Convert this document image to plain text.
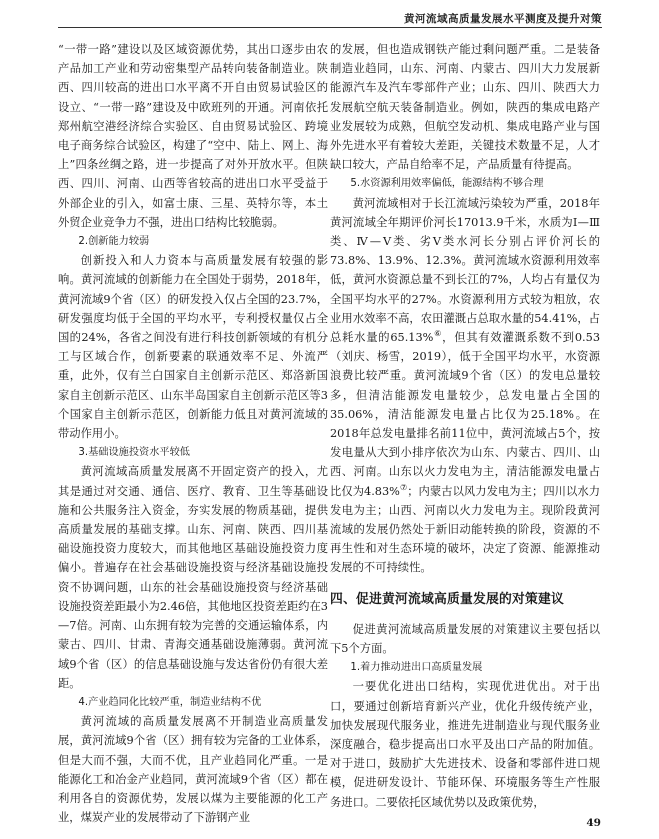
黄河流域高质量发展水平测度及提升对策

“一带一路”建设以及区域资源优势，其出口逐步由农产品加工产业和劳动密集型产品转向装备制造业。陕西、四川较高的进出口水平离不开自由贸易试验区的设立、“一带一路”建设及中欧班列的开通。河南依托郑州航空港经济综合实验区、自由贸易试验区、跨境电子商务综合试验区，构建了“空中、陆上、网上、海上”四条丝绸之路，进一步提高了对外开放水平。但陕西、四川、河南、山西等省较高的进出口水平受益于外部企业的引入，如富士康、三星、英特尔等，本土外贸企业竞争力不强，进出口结构比较脆弱。

2.创新能力较弱

创新投入和人力资本与高质量发展有较强的影响。黄河流域的创新能力在全国处于弱势，2018年，黄河流域9个省（区）的研发投入仅占全国的23.7%，研发强度均低于全国的平均水平，专利授权量仅占全国的24%，各省之间没有进行科技创新领域的有机分工与区域合作，创新要素的联通效率不足、外流严重，此外，仅有兰白国家自主创新示范区、郑洛新国家自主创新示范区、山东半岛国家自主创新示范区等3个国家自主创新示范区，创新能力低且对黄河流域的带动作用小。

3.基础设施投资水平较低

黄河流域高质量发展离不开固定资产的投入，尤其是通过对交通、通信、医疗、教育、卫生等基础设施和公共服务注入资金，夯实发展的物质基础，提供高质量发展的基础支撑。山东、河南、陕西、四川基础设施投资力度较大，而其他地区基础设施投资力度偏小。普遍存在社会基础设施投资与经济基础设施投资不协调问题，山东的社会基础设施投资与经济基础设施投资差距最小为2.46倍，其他地区投资差距约在3—7倍。河南、山东拥有较为完善的交通运输体系，内蒙古、四川、甘肃、青海交通基础设施薄弱。黄河流域9个省（区）的信息基础设施与发达省份仍有很大差距。

4.产业趋同化比较严重，制造业结构不优

黄河流域的高质量发展离不开制造业高质量发展，黄河流域9个省（区）拥有较为完备的工业体系，但是大而不强，大而不优，且产业趋同化严重。一是能源化工和冶金产业趋同，黄河流域9个省（区）都在利用各自的资源优势，发展以煤为主要能源的化工产业，煤炭产业的发展带动了下游钢产业

的发展，但也造成钢铁产能过剩问题严重。二是装备制造业趋同，山东、河南、内蒙古、四川大力发展新能源汽车及汽车零部件产业；山东、四川、陕西大力发展航空航天装备制造业。例如，陕西的集成电路产业发展较为成熟，但航空发动机、集成电路产业与国外先进水平有着较大差距，关键技术数量不足，人才缺口较大，产品自给率不足，产品质量有待提高。

5.水资源利用效率偏低，能源结构不够合理

黄河流域相对于长江流域污染较为严重，2018年黄河流域全年期评价河长17013.9千米，水质为Ⅰ—Ⅲ类、Ⅳ—Ⅴ类、劣Ⅴ类水河长分别占评价河长的73.8%、13.9%、12.3%。黄河流域水资源利用效率低，黄河水资源总量不到长江的7%，人均占有量仅为全国平均水平的27%。水资源利用方式较为粗放，农业用水效率不高，农田灌溉占总取水量的54.41%，占总耗水量的65.13%⑥，但其有效灌溉系数不到0.53（刘庆、杨雪，2019），低于全国平均水平，水资源浪费比较严重。黄河流域9个省（区）的发电总量较多，但清洁能源发电量较少，总发电量占全国的35.06%，清洁能源发电量占比仅为25.18%。在2018年总发电量排名前11位中，黄河流域占5个，按发电量从大到小排序依次为山东、内蒙古、四川、山西、河南。山东以火力发电为主，清洁能源发电量占比仅为4.83%⑦；内蒙古以风力发电为主；四川以水力发电为主；山西、河南以火力发电为主。现阶段黄河流域的发展仍然处于新旧动能转换的阶段，资源的不再生性和对生态环境的破坏，决定了资源、能源推动发展的不可持续性。

四、促进黄河流域高质量发展的对策建议

促进黄河流域高质量发展的对策建议主要包括以下5个方面。

1.着力推动进出口高质量发展

一要优化进出口结构，实现优进优出。对于出口，要通过创新培育新兴产业，优化升级传统产业，加快发展现代服务业，推进先进制造业与现代服务业深度融合，稳步提高出口水平及出口产品的附加值。对于进口，鼓励扩大先进技术、设备和零部件进口规模，促进研发设计、节能环保、环境服务等生产性服务进口。二要依托区域优势以及政策优势，

49
